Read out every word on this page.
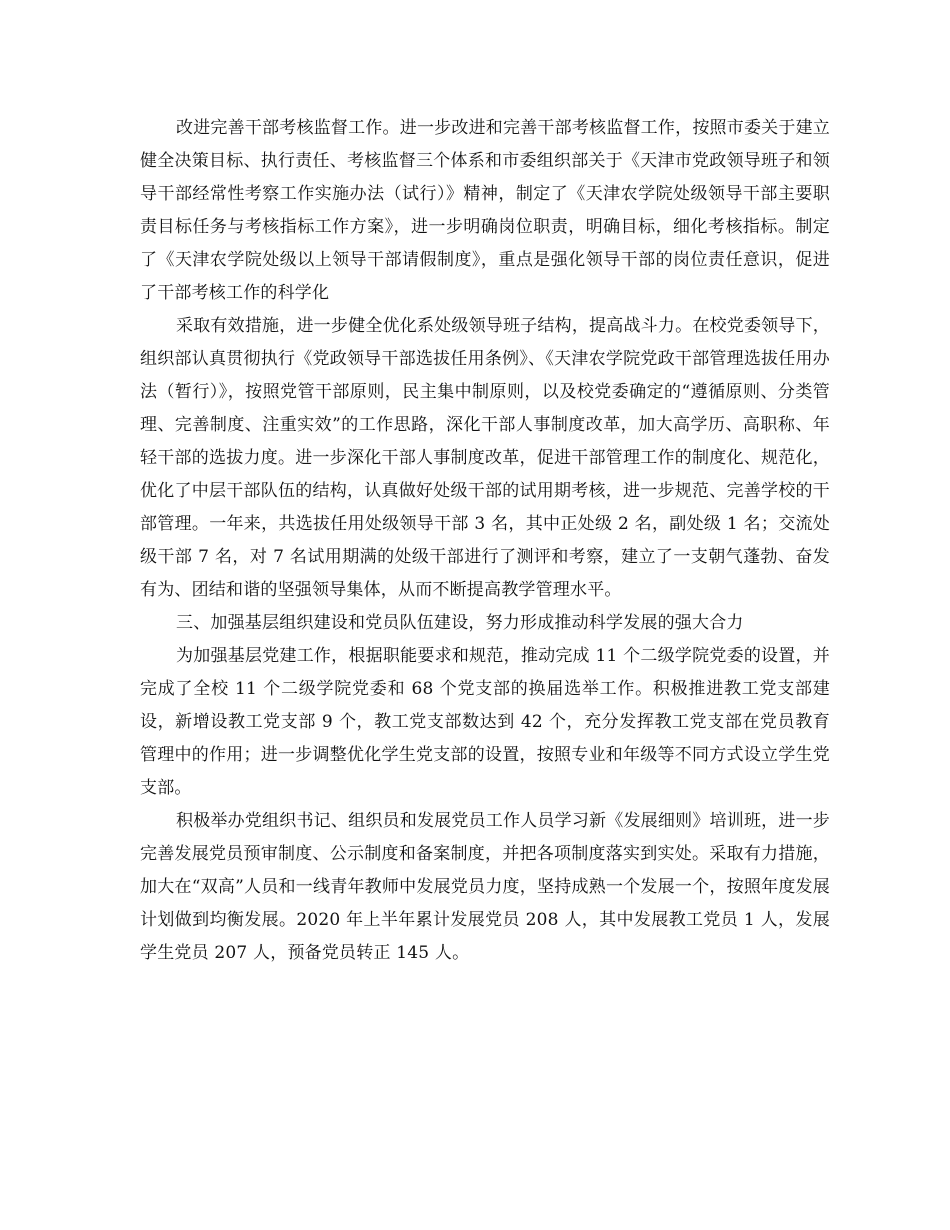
改进完善干部考核监督工作。进一步改进和完善干部考核监督工作，按照市委关于建立健全决策目标、执行责任、考核监督三个体系和市委组织部关于《天津市党政领导班子和领导干部经常性考察工作实施办法（试行）》精神，制定了《天津农学院处级领导干部主要职责目标任务与考核指标工作方案》，进一步明确岗位职责，明确目标，细化考核指标。制定了《天津农学院处级以上领导干部请假制度》，重点是强化领导干部的岗位责任意识，促进了干部考核工作的科学化

采取有效措施，进一步健全优化系处级领导班子结构，提高战斗力。在校党委领导下，组织部认真贯彻执行《党政领导干部选拔任用条例》、《天津农学院党政干部管理选拔任用办法（暂行）》，按照党管干部原则，民主集中制原则，以及校党委确定的“遵循原则、分类管理、完善制度、注重实效”的工作思路，深化干部人事制度改革，加大高学历、高职称、年轻干部的选拔力度。进一步深化干部人事制度改革，促进干部管理工作的制度化、规范化，优化了中层干部队伍的结构，认真做好处级干部的试用期考核，进一步规范、完善学校的干部管理。一年来，共选拔任用处级领导干部 3 名，其中正处级 2 名，副处级 1 名；交流处级干部 7 名，对 7 名试用期满的处级干部进行了测评和考察，建立了一支朝气蓬勃、奋发有为、团结和谐的坚强领导集体，从而不断提高教学管理水平。

三、加强基层组织建设和党员队伍建设，努力形成推动科学发展的强大合力

为加强基层党建工作，根据职能要求和规范，推动完成 11 个二级学院党委的设置，并完成了全校 11 个二级学院党委和 68 个党支部的换届选举工作。积极推进教工党支部建设，新增设教工党支部 9 个，教工党支部数达到 42 个，充分发挥教工党支部在党员教育管理中的作用；进一步调整优化学生党支部的设置，按照专业和年级等不同方式设立学生党支部。

积极举办党组织书记、组织员和发展党员工作人员学习新《发展细则》培训班，进一步完善发展党员预审制度、公示制度和备案制度，并把各项制度落实到实处。采取有力措施，加大在“双高”人员和一线青年教师中发展党员力度，坚持成熟一个发展一个，按照年度发展计划做到均衡发展。2020 年上半年累计发展党员 208 人，其中发展教工党员 1 人，发展学生党员 207 人，预备党员转正 145 人。
